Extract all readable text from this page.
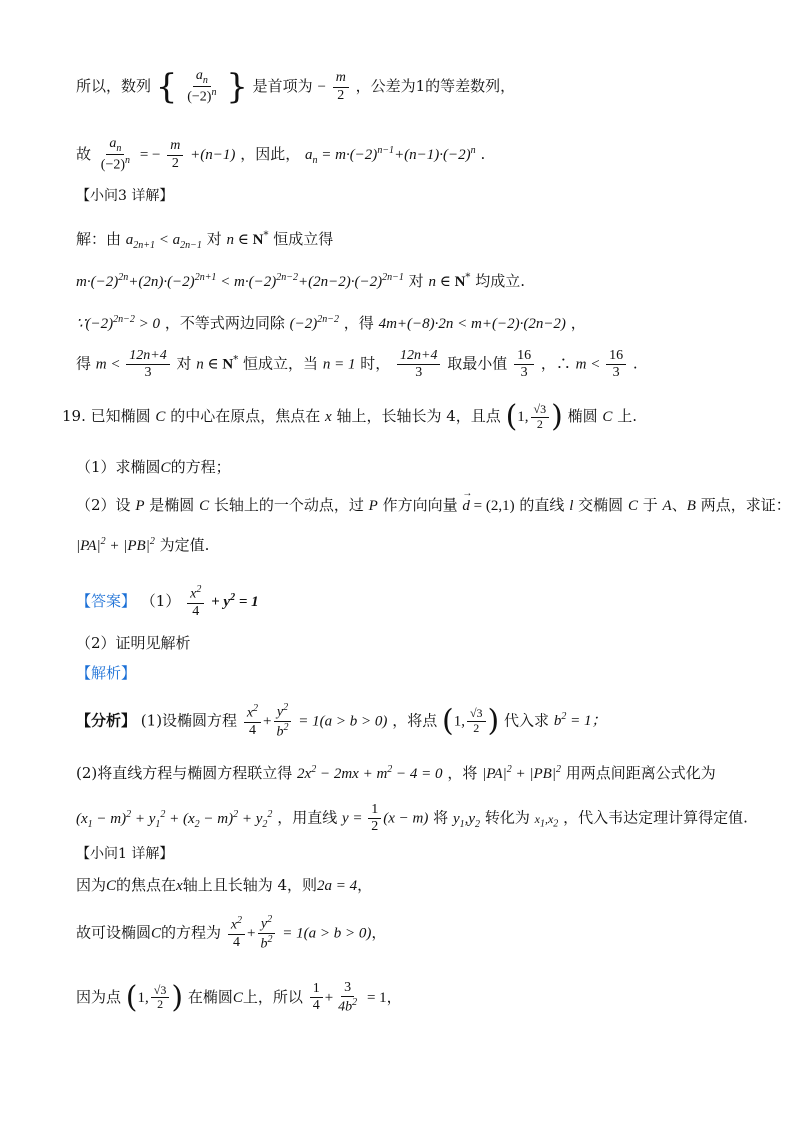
所以，数列 { $\frac{a_n}{(-2)^n}$ } 是首项为 − $\frac{m}{2}$ ，公差为1的等差数列，
故 $\frac{a_n}{(-2)^n}$ = − $\frac{m}{2} +(n-1)$ ，因此， $a_n = m\cdot(-2)^{n-1}+(n-1)\cdot(-2)^n$ .
【小问3 详解】
解：由 $a_{2n+1} < a_{2n-1}$ 对 n ∈ N* 恒成立得
$m\cdot(-2)^{2n}+(2n)\cdot(-2)^{2n+1} < m\cdot(-2)^{2n-2}+(2n-2)\cdot(-2)^{2n-1}$ 对 n ∈ N* 均成立.
$\because(-2)^{2n-2} > 0$ ，不等式两边同除 $(-2)^{2n-2}$ ，得 4m+(−8)·2n < m+(−2)·(2n−2) ，
得 $m < \frac{12n+4}{3}$ 对 n ∈ N* 恒成立，当 n = 1 时， $\frac{12n+4}{3}$ 取最小值 $\frac{16}{3}$ ，∴ $m < \frac{16}{3}$ .
19. 已知椭圆 C 的中心在原点，焦点在 x 轴上，长轴长为 4，且点 (1, $\frac{√3}{2}$ ) 椭圆 C 上.
（1）求椭圆C的方程；
（2）设 P 是椭圆 C 长轴上的一个动点，过 P 作方向向量 → d = (2,1) 的直线 l 交椭圆 C 于 A、B 两点，求证：
$|PA|^2 + |PB|^2$ 为定值.
【答案】 $(1) \frac{x^2}{4} + y^2 = 1$
（2）证明见解析
【解析】
【分析】 (1)设椭圆方程 $\frac{x^2}{4} + \frac{y^2}{b^2} = 1(a > b > 0)$ ，将点 (1, $\frac{√3}{2}$ ) 代入求 $b^2 = 1$；
(2)将直线方程与椭圆方程联立得 $2x^2 - 2mx + m^2 - 4 = 0$ ，将 $|PA|^2 + |PB|^2$ 用两点间距离公式化为
$(x_1 - m)^2 + y_1^2 + (x_2 - m)^2 + y_2^2$ ，用直线 $y = \frac{1}{2} (x - m)$ 将 $y_1,y_2$ 转化为 $x_1,x_2$ ，代入韦达定理计算得定值.
【小问1 详解】
因为C的焦点在x轴上且长轴为 4，则2a = 4，
故可设椭圆C的方程为 $\frac{x^2}{4} + \frac{y^2}{b^2} = 1(a > b > 0)$，
因为点 (1, $\frac{√3}{2}$ ) 在椭圆C上，所以 $\frac{1}{4} + \frac{3}{4b^2} = 1$，
